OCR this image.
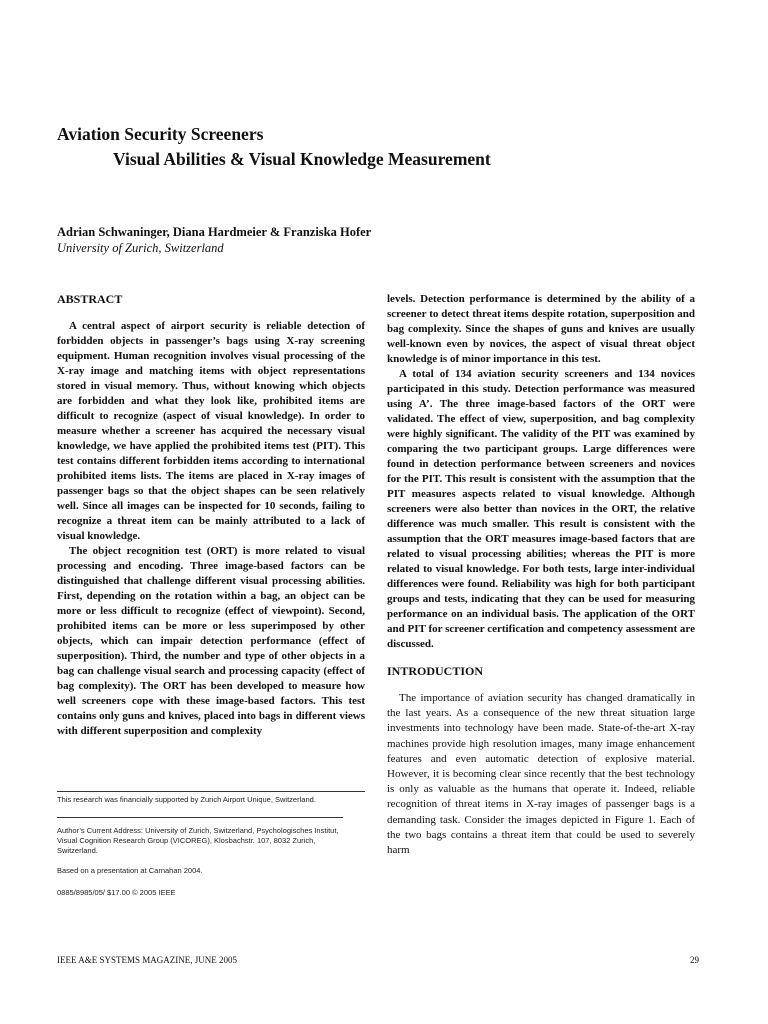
Aviation Security Screeners
Visual Abilities & Visual Knowledge Measurement
Adrian Schwaninger, Diana Hardmeier & Franziska Hofer
University of Zurich, Switzerland
ABSTRACT

A central aspect of airport security is reliable detection of forbidden objects in passenger’s bags using X-ray screening equipment. Human recognition involves visual processing of the X-ray image and matching items with object representations stored in visual memory. Thus, without knowing which objects are forbidden and what they look like, prohibited items are difficult to recognize (aspect of visual knowledge). In order to measure whether a screener has acquired the necessary visual knowledge, we have applied the prohibited items test (PIT). This test contains different forbidden items according to international prohibited items lists. The items are placed in X-ray images of passenger bags so that the object shapes can be seen relatively well. Since all images can be inspected for 10 seconds, failing to recognize a threat item can be mainly attributed to a lack of visual knowledge.

The object recognition test (ORT) is more related to visual processing and encoding. Three image-based factors can be distinguished that challenge different visual processing abilities. First, depending on the rotation within a bag, an object can be more or less difficult to recognize (effect of viewpoint). Second, prohibited items can be more or less superimposed by other objects, which can impair detection performance (effect of superposition). Third, the number and type of other objects in a bag can challenge visual search and processing capacity (effect of bag complexity). The ORT has been developed to measure how well screeners cope with these image-based factors. This test contains only guns and knives, placed into bags in different views with different superposition and complexity

levels. Detection performance is determined by the ability of a screener to detect threat items despite rotation, superposition and bag complexity. Since the shapes of guns and knives are usually well-known even by novices, the aspect of visual threat object knowledge is of minor importance in this test.

A total of 134 aviation security screeners and 134 novices participated in this study. Detection performance was measured using A’. The three image-based factors of the ORT were validated. The effect of view, superposition, and bag complexity were highly significant. The validity of the PIT was examined by comparing the two participant groups. Large differences were found in detection performance between screeners and novices for the PIT. This result is consistent with the assumption that the PIT measures aspects related to visual knowledge. Although screeners were also better than novices in the ORT, the relative difference was much smaller. This result is consistent with the assumption that the ORT measures image-based factors that are related to visual processing abilities; whereas the PIT is more related to visual knowledge. For both tests, large inter-individual differences were found. Reliability was high for both participant groups and tests, indicating that they can be used for measuring performance on an individual basis. The application of the ORT and PIT for screener certification and competency assessment are discussed.

INTRODUCTION

The importance of aviation security has changed dramatically in the last years. As a consequence of the new threat situation large investments into technology have been made. State-of-the-art X-ray machines provide high resolution images, many image enhancement features and even automatic detection of explosive material. However, it is becoming clear since recently that the best technology is only as valuable as the humans that operate it. Indeed, reliable recognition of threat items in X-ray images of passenger bags is a demanding task. Consider the images depicted in Figure 1. Each of the two bags contains a threat item that could be used to severely harm

This research was financially supported by Zurich Airport Unique, Switzerland.
Author’s Current Address: University of Zurich, Switzerland, Psychologisches Institut, Visual Cognition Research Group (VICOREG), Klosbachstr. 107, 8032 Zurich, Switzerland.
Based on a presentation at Carnahan 2004.
0885/8985/05/ $17.00 © 2005 IEEE
IEEE A&E SYSTEMS MAGAZINE, JUNE 2005	29
